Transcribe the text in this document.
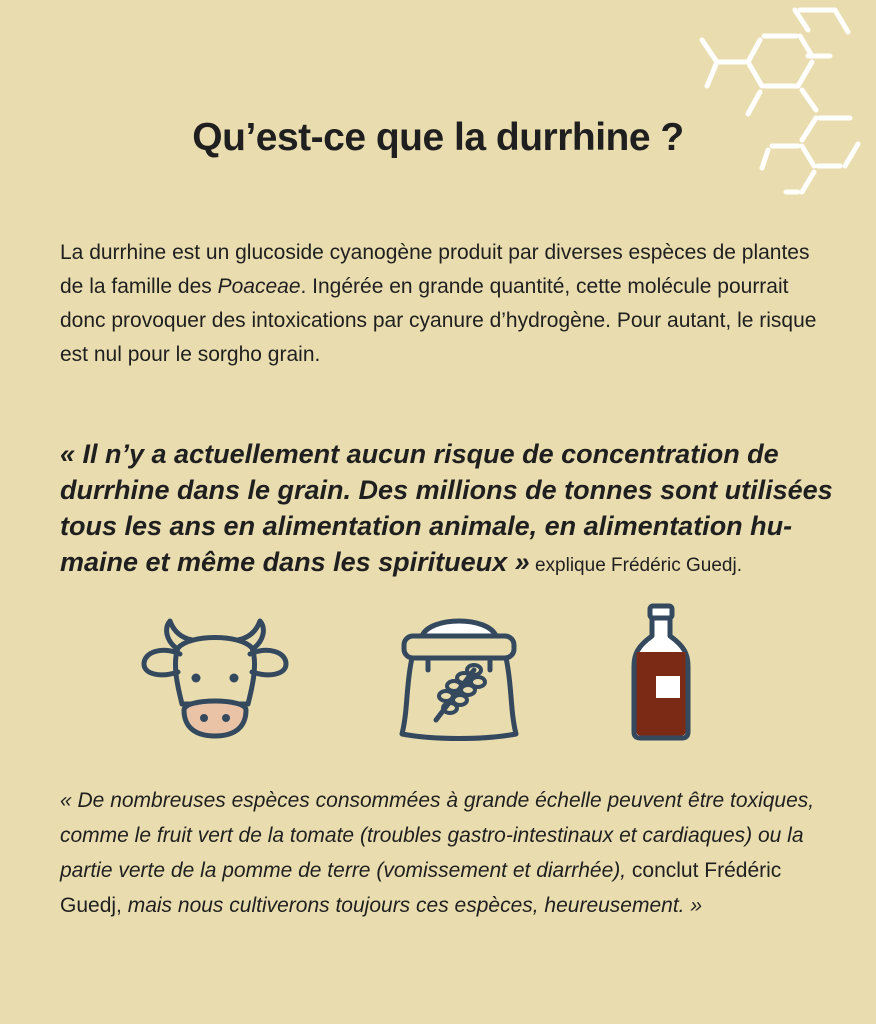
Qu’est-ce que la durrhine ?

La durrhine est un glucoside cyanogène produit par diverses espèces de plantes de la famille des Poaceae. Ingérée en grande quantité, cette molécule pourrait donc provoquer des intoxications par cyanure d’hydrogène. Pour autant, le risque est nul pour le sorgho grain.

« Il n’y a actuellement aucun risque de concentration de durrhine dans le grain. Des millions de tonnes sont utilisées tous les ans en alimentation animale, en alimentation humaine et même dans les spiritueux » explique Frédéric Guedj.

« De nombreuses espèces consommées à grande échelle peuvent être toxiques, comme le fruit vert de la tomate (troubles gastro-intestinaux et cardiaques) ou la partie verte de la pomme de terre (vomissement et diarrhée), conclut Frédéric Guedj, mais nous cultiverons toujours ces espèces, heureusement. »
